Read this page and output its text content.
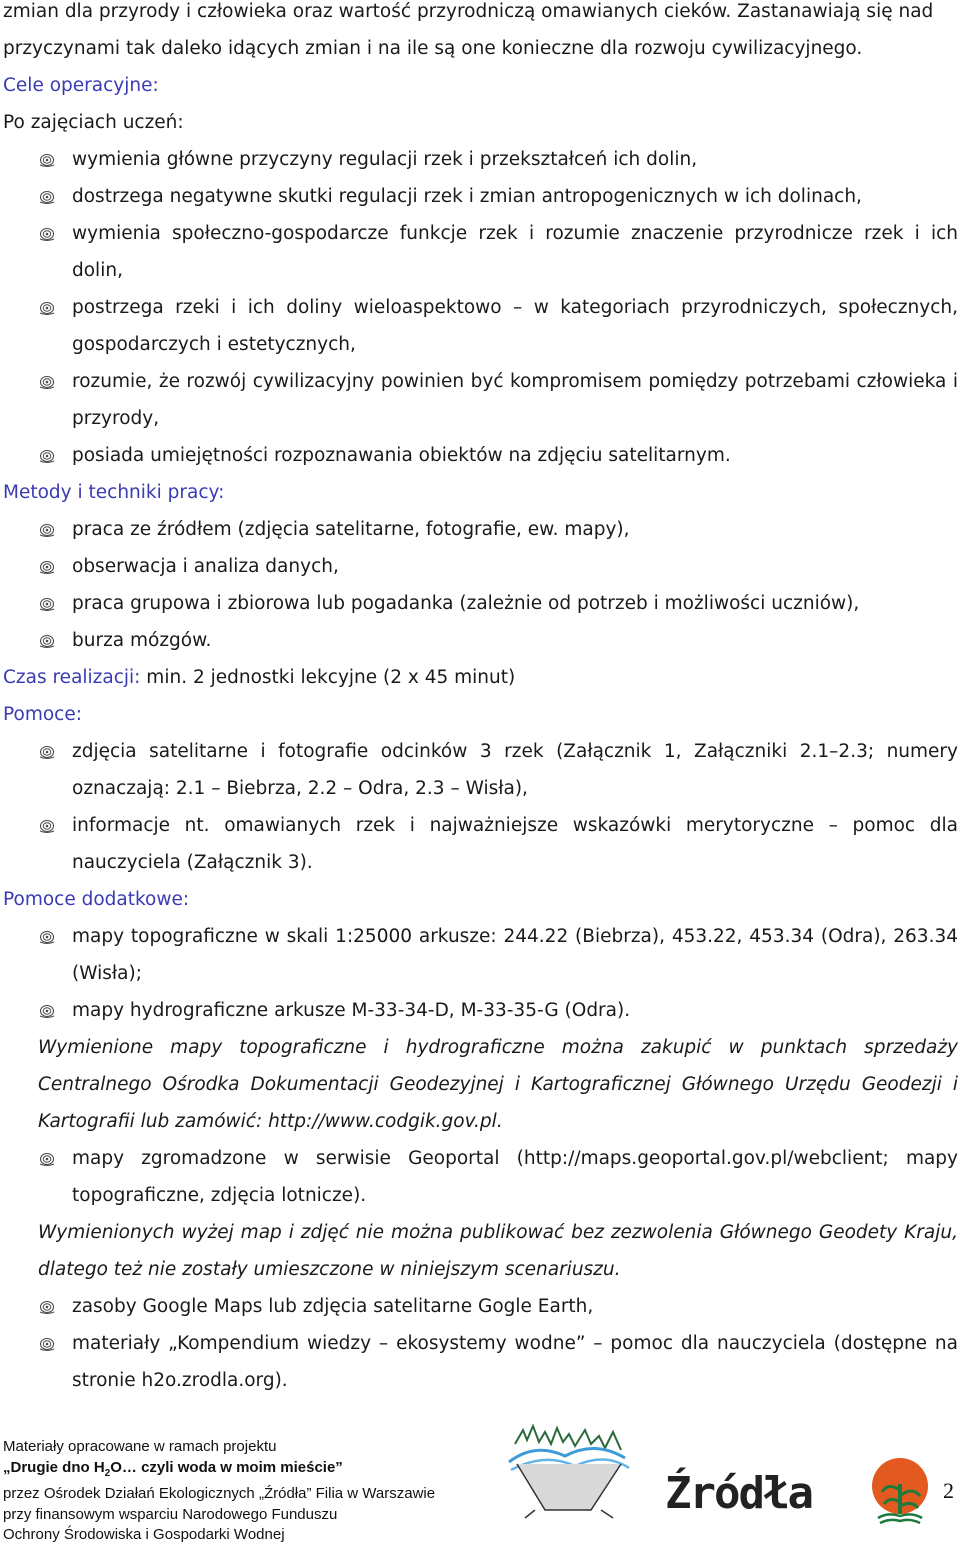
zmian dla przyrody i człowieka oraz wartość przyrodniczą omawianych cieków. Zastanawiają się nad
przyczynami tak daleko idących zmian i na ile są one konieczne dla rozwoju cywilizacyjnego.
Cele operacyjne:
Po zajęciach uczeń:
wymienia główne przyczyny regulacji rzek i przekształceń ich dolin,
dostrzega negatywne skutki regulacji rzek i zmian antropogenicznych w ich dolinach,
wymienia społeczno-gospodarcze funkcje rzek i rozumie znaczenie przyrodnicze rzek i ich dolin,
postrzega rzeki i ich doliny wieloaspektowo – w kategoriach przyrodniczych, społecznych, gospodarczych i estetycznych,
rozumie, że rozwój cywilizacyjny powinien być kompromisem pomiędzy potrzebami człowieka i przyrody,
posiada umiejętności rozpoznawania obiektów na zdjęciu satelitarnym.
Metody i techniki pracy:
praca ze źródłem (zdjęcia satelitarne, fotografie, ew. mapy),
obserwacja i analiza danych,
praca grupowa i zbiorowa lub pogadanka (zależnie od potrzeb i możliwości uczniów),
burza mózgów.
Czas realizacji: min. 2 jednostki lekcyjne (2 x 45 minut)
Pomoce:
zdjęcia satelitarne i fotografie odcinków 3 rzek (Załącznik 1, Załączniki 2.1–2.3; numery oznaczają: 2.1 – Biebrza, 2.2 – Odra, 2.3 – Wisła),
informacje nt. omawianych rzek i najważniejsze wskazówki merytoryczne – pomoc dla nauczyciela (Załącznik 3).
Pomoce dodatkowe:
mapy topograficzne w skali 1:25000 arkusze: 244.22 (Biebrza), 453.22, 453.34 (Odra), 263.34 (Wisła);
mapy hydrograficzne arkusze M-33-34-D, M-33-35-G (Odra).
Wymienione mapy topograficzne i hydrograficzne można zakupić w punktach sprzedaży Centralnego Ośrodka Dokumentacji Geodezyjnej i Kartograficznej Głównego Urzędu Geodezji i Kartografii lub zamówić: http://www.codgik.gov.pl.
mapy zgromadzone w serwisie Geoportal (http://maps.geoportal.gov.pl/webclient; mapy topograficzne, zdjęcia lotnicze).
Wymienionych wyżej map i zdjęć nie można publikować bez zezwolenia Głównego Geodety Kraju, dlatego też nie zostały umieszczone w niniejszym scenariuszu.
zasoby Google Maps lub zdjęcia satelitarne Gogle Earth,
materiały „Kompendium wiedzy – ekosystemy wodne” – pomoc dla nauczyciela (dostępne na stronie h2o.zrodla.org).
Materiały opracowane w ramach projektu
„Drugie dno $H_2O\dots$ czyli woda w moim mieście”
przez Ośrodek Działań Ekologicznych „Źródła” Filia w Warszawie
przy finansowym wsparciu Narodowego Funduszu
Ochrony Środowiska i Gospodarki Wodnej
Źródła	2
